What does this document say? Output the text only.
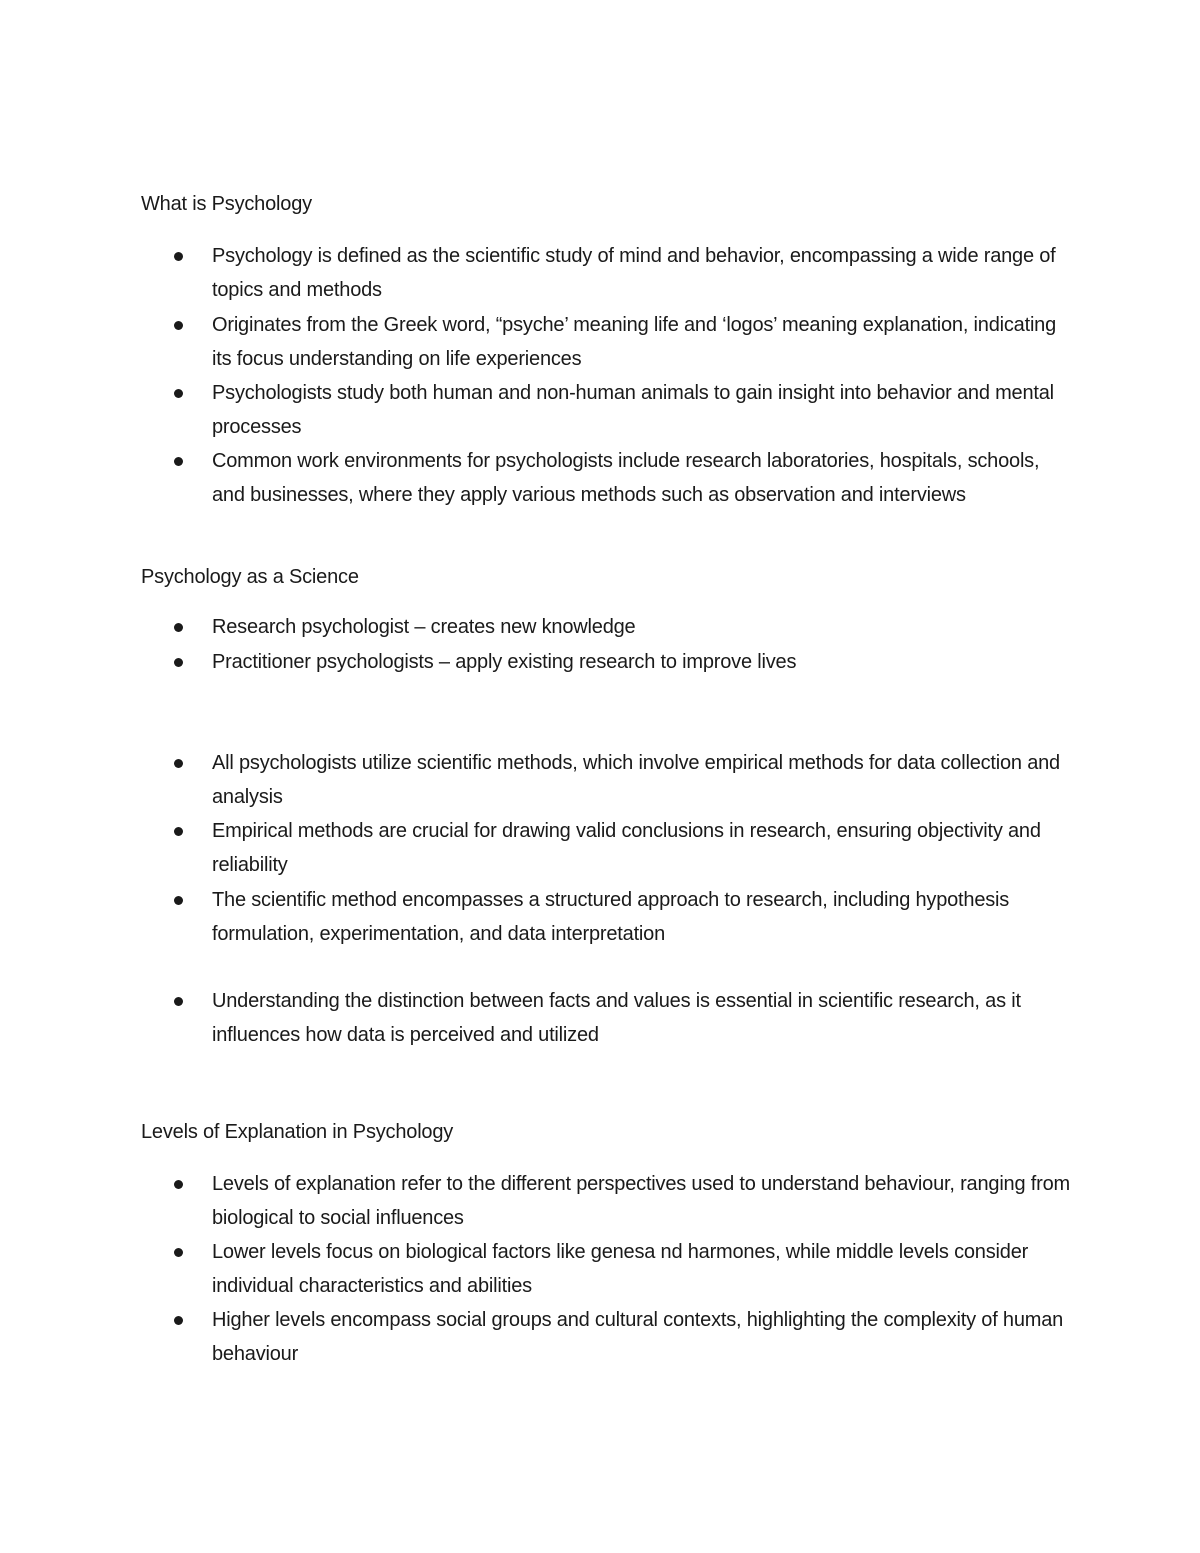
What is Psychology
Psychology is defined as the scientific study of mind and behavior, encompassing a wide range of topics and methods
Originates from the Greek word, “psyche’ meaning life and ‘logos’ meaning explanation, indicating its focus understanding on life experiences
Psychologists study both human and non-human animals to gain insight into behavior and mental processes
Common work environments for psychologists include research laboratories, hospitals, schools, and businesses, where they apply various methods such as observation and interviews
Psychology as a Science
Research psychologist – creates new knowledge
Practitioner psychologists – apply existing research to improve lives
All psychologists utilize scientific methods, which involve empirical methods for data collection and analysis
Empirical methods are crucial for drawing valid conclusions in research, ensuring objectivity and reliability
The scientific method encompasses a structured approach to research, including hypothesis formulation, experimentation, and data interpretation
Understanding the distinction between facts and values is essential in scientific research, as it influences how data is perceived and utilized
Levels of Explanation in Psychology
Levels of explanation refer to the different perspectives used to understand behaviour, ranging from biological to social influences
Lower levels focus on biological factors like genesa nd harmones, while middle levels consider individual characteristics and abilities
Higher levels encompass social groups and cultural contexts, highlighting the complexity of human behaviour
